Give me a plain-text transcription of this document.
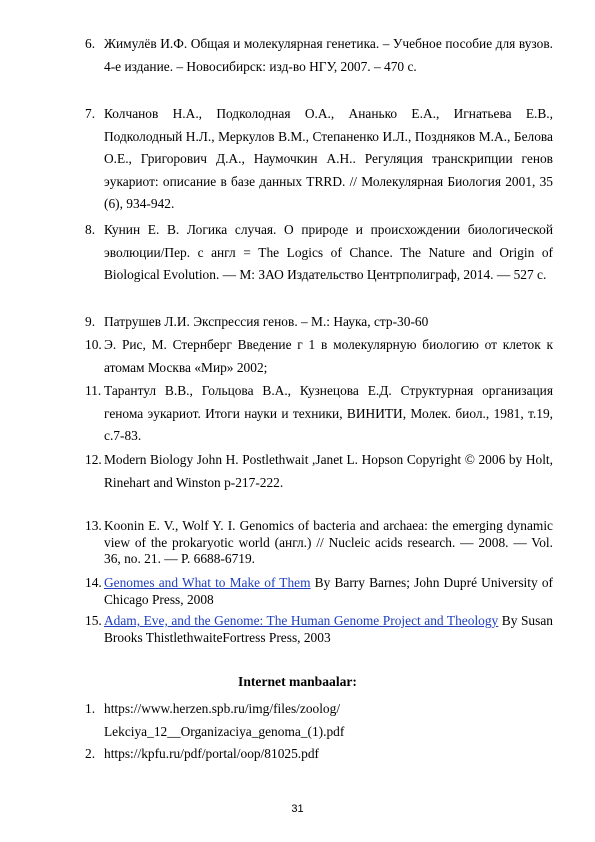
6. Жимулёв И.Ф. Общая и молекулярная генетика. – Учебное пособие для вузов. 4-е издание. – Новосибирск: изд-во НГУ, 2007. – 470 с.
7. Колчанов Н.А., Подколодная О.А., Ананько Е.А., Игнатьева Е.В., Подколодный Н.Л., Меркулов В.М., Степаненко И.Л., Поздняков М.А., Белова О.Е., Григорович Д.А., Наумочкин А.Н.. Регуляция транскрипции генов эукариот: описание в базе данных TRRD. // Молекулярная Биология 2001, 35 (6), 934-942.
8. Кунин Е. В. Логика случая. О природе и происхождении биологической эволюции/Пер. с англ = The Logics of Chance. The Nature and Origin of Biological Evolution. — М: ЗАО Издательство Центрполиграф, 2014. — 527 с.
9. Патрушев Л.И. Экспрессия генов. – М.: Наука, стр-30-60
10. Э. Рис, М. Стернберг Введение г 1 в молекулярную биологию от клеток к атомам Москва «Мир» 2002;
11. Тарантул В.В., Гольцова В.А., Кузнецова Е.Д. Структурная организация генома эукариот. Итоги науки и техники, ВИНИТИ, Молек. биол., 1981, т.19, с.7-83.
12. Modern Biology John H. Postlethwait ,Janet L. Hopson Copyright © 2006 by Holt, Rinehart and Winston p-217-222.
13. Koonin E. V., Wolf Y. I. Genomics of bacteria and archaea: the emerging dynamic view of the prokaryotic world (англ.) // Nucleic acids research. — 2008. — Vol. 36, no. 21. — P. 6688-6719.
14. Genomes and What to Make of Them By Barry Barnes; John Dupré University of Chicago Press, 2008
15. Adam, Eve, and the Genome: The Human Genome Project and Theology By Susan Brooks ThistlethwaiteFortress Press, 2003
Internet manbaalar:
1. https://www.herzen.spb.ru/img/files/zoolog/
Lekciya_12__Organizaciya_genoma_(1).pdf
2. https://kpfu.ru/pdf/portal/oop/81025.pdf
31
